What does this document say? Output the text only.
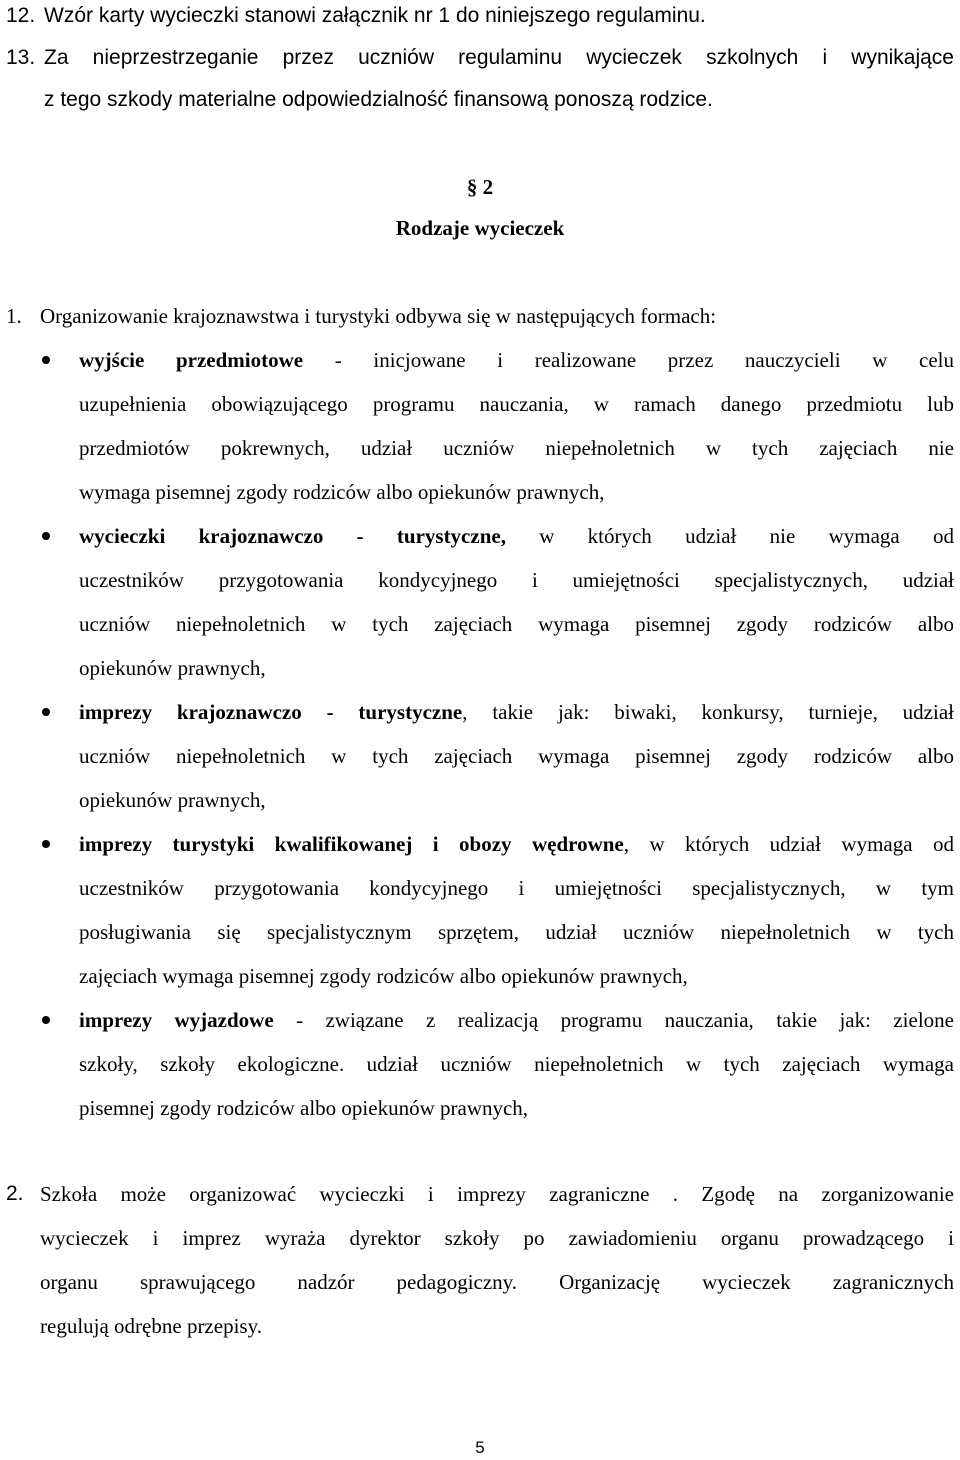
12. Wzór karty wycieczki stanowi załącznik nr 1 do niniejszego regulaminu.
13. Za nieprzestrzeganie przez uczniów regulaminu wycieczek szkolnych i wynikające
z tego szkody materialne odpowiedzialność finansową ponoszą rodzice.
§ 2
Rodzaje wycieczek
1. Organizowanie krajoznawstwa i turystyki odbywa się w następujących formach:
wyjście przedmiotowe - inicjowane i realizowane przez nauczycieli w celu
uzupełnienia obowiązującego programu nauczania, w ramach danego przedmiotu lub
przedmiotów pokrewnych, udział uczniów niepełnoletnich w tych zajęciach nie
wymaga pisemnej zgody rodziców albo opiekunów prawnych,
wycieczki krajoznawczo - turystyczne, w których udział nie wymaga od
uczestników przygotowania kondycyjnego i umiejętności specjalistycznych, udział
uczniów niepełnoletnich w tych zajęciach wymaga pisemnej zgody rodziców albo
opiekunów prawnych,
imprezy krajoznawczo - turystyczne, takie jak: biwaki, konkursy, turnieje, udział
uczniów niepełnoletnich w tych zajęciach wymaga pisemnej zgody rodziców albo
opiekunów prawnych,
imprezy turystyki kwalifikowanej i obozy wędrowne, w których udział wymaga od
uczestników przygotowania kondycyjnego i umiejętności specjalistycznych, w tym
posługiwania się specjalistycznym sprzętem, udział uczniów niepełnoletnich w tych
zajęciach wymaga pisemnej zgody rodziców albo opiekunów prawnych,
imprezy wyjazdowe - związane z realizacją programu nauczania, takie jak: zielone
szkoły, szkoły ekologiczne. udział uczniów niepełnoletnich w tych zajęciach wymaga
pisemnej zgody rodziców albo opiekunów prawnych,
2. Szkoła może organizować wycieczki i imprezy zagraniczne . Zgodę na zorganizowanie
wycieczek i imprez wyraża dyrektor szkoły po zawiadomieniu organu prowadzącego i
organu sprawującego nadzór pedagogiczny. Organizację wycieczek zagranicznych
regulują odrębne przepisy.
5
